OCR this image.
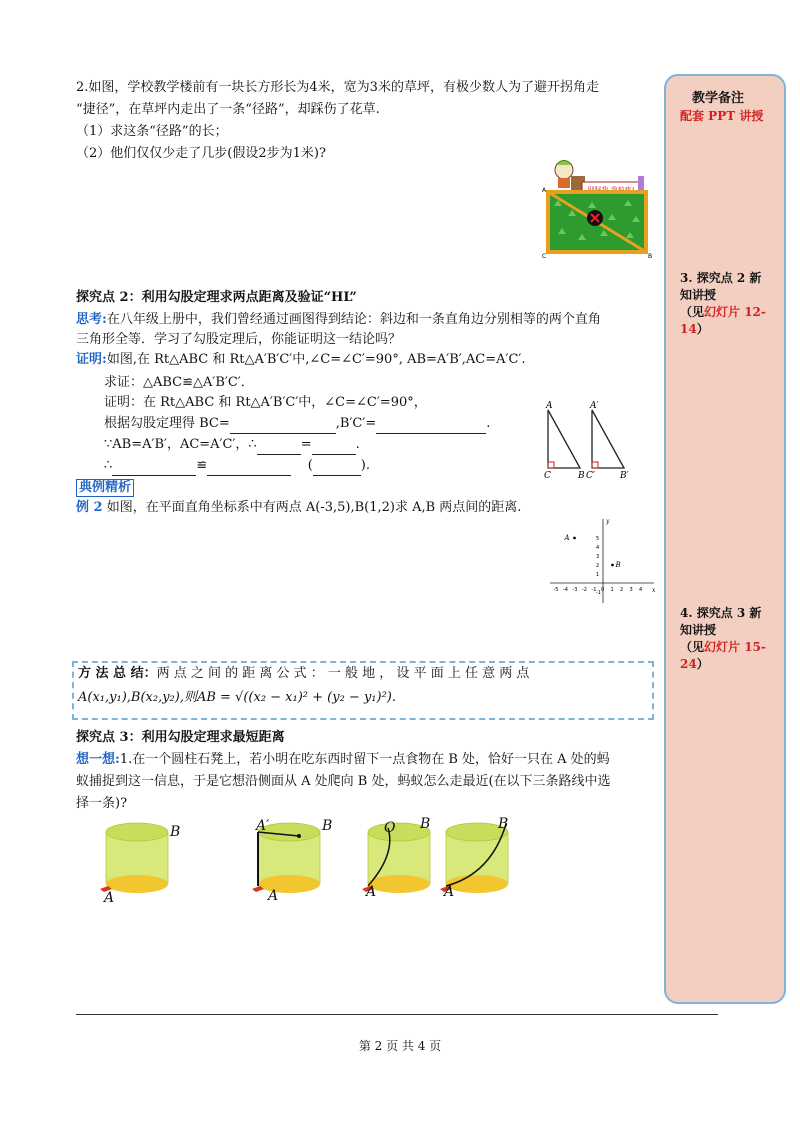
教学备注
配套 PPT 讲授
3. 探究点 2 新
知讲授
（见幻灯片 12-
14）
4. 探究点 3 新
知讲授
（见幻灯片 15-
24）
2.如图，学校教学楼前有一块长方形长为4米，宽为3米的草坪，有极少数人为了避开拐角走
“捷径”，在草坪内走出了一条“径路”，却踩伤了花草.
（1）求这条“径路”的长；
（2）他们仅仅少走了几步(假设2步为1米)?
A
C	B
探究点 2：利用勾股定理求两点距离及验证“HL”
思考:在八年级上册中，我们曾经通过画图得到结论：斜边和一条直角边分别相等的两个直角
三角形全等．学习了勾股定理后，你能证明这一结论吗？
证明:如图,在 Rt△ABC 和 Rt△A′B′C′中,∠C=∠C′=90°, AB=A′B′,AC=A′C′.
求证：△ABC≌△A′B′C′．
证明：在 Rt△ABC 和 Rt△A′B′C′中，∠C=∠C′=90°，
根据勾股定理得 BC=	,B′C′=	.
∵AB=A′B′，AC=A′C′，∴	=	.
∴	≌	(	).
A
C	B
A′
C′	B′
典例精析
例 2 如图，在平面直角坐标系中有两点 A(-3,5),B(1,2)求 A,B 两点间的距离.
x
y
-5 -4 -3 -2 -1 0 1 2 3 4
5
4
3
2
1
-1
A
B
方 法 总 结：两 点 之 间 的 距 离 公 式 ： 一 般 地 ， 设 平 面 上 任 意 两 点
A(x₁,y₁),B(x₂,y₂),则AB = √((x₂ − x₁)² + (y₂ − y₁)²).
探究点 3：利用勾股定理求最短距离
想一想:1.在一个圆柱石凳上，若小明在吃东西时留下一点食物在 B 处，恰好一只在 A 处的蚂
蚁捕捉到这一信息，于是它想沿侧面从 A 处爬向 B 处，蚂蚁怎么走最近(在以下三条路线中选
择一条)?
B
A
A′	B
A
O B
A
B
A
第 2 页 共 4 页
